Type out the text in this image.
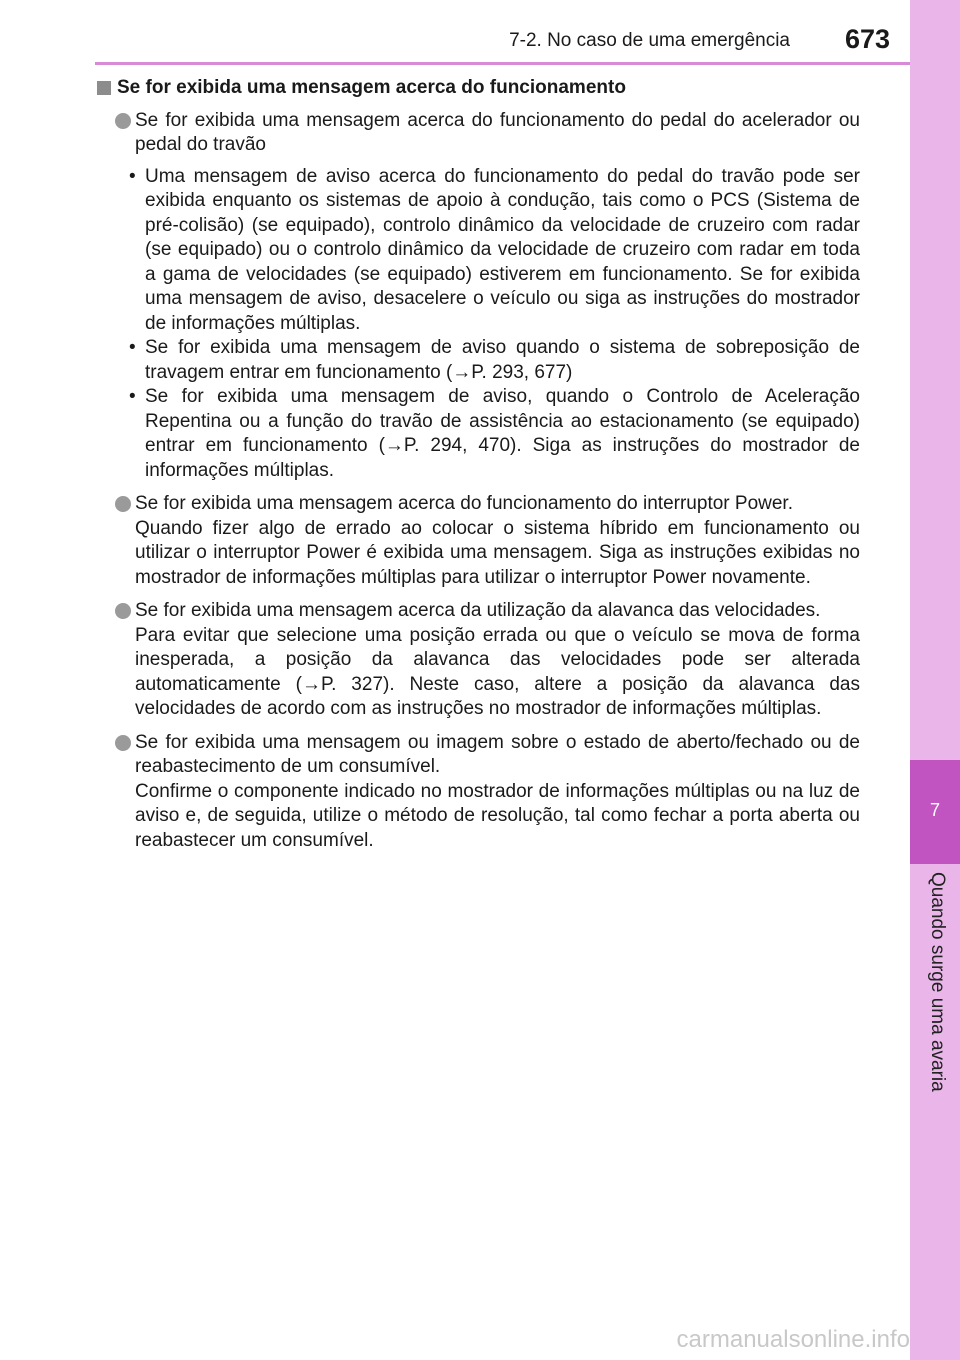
7
Quando surge uma avaria
7-2. No caso de uma emergência	673
Se for exibida uma mensagem acerca do funcionamento
Se for exibida uma mensagem acerca do funcionamento do pedal do acelerador ou pedal do travão
• Uma mensagem de aviso acerca do funcionamento do pedal do travão pode ser exibida enquanto os sistemas de apoio à condução, tais como o PCS (Sistema de pré-colisão) (se equipado), controlo dinâmico da velocidade de cruzeiro com radar (se equipado) ou o controlo dinâmico da velocidade de cruzeiro com radar em toda a gama de velocidades (se equipado) estiverem em funcionamento. Se for exibida uma mensagem de aviso, desacelere o veículo ou siga as instruções do mostrador de informações múltiplas.
• Se for exibida uma mensagem de aviso quando o sistema de sobreposição de travagem entrar em funcionamento (→P. 293, 677)
• Se for exibida uma mensagem de aviso, quando o Controlo de Aceleração Repentina ou a função do travão de assistência ao estacionamento (se equipado) entrar em funcionamento (→P. 294, 470). Siga as instruções do mostrador de informações múltiplas.
Se for exibida uma mensagem acerca do funcionamento do interruptor Power.
Quando fizer algo de errado ao colocar o sistema híbrido em funcionamento ou utilizar o interruptor Power é exibida uma mensagem. Siga as instruções exibidas no mostrador de informações múltiplas para utilizar o interruptor Power novamente.
Se for exibida uma mensagem acerca da utilização da alavanca das velocidades.
Para evitar que selecione uma posição errada ou que o veículo se mova de forma inesperada, a posição da alavanca das velocidades pode ser alterada automaticamente (→P. 327). Neste caso, altere a posição da alavanca das velocidades de acordo com as instruções no mostrador de informações múltiplas.
Se for exibida uma mensagem ou imagem sobre o estado de aberto/fechado ou de reabastecimento de um consumível.
Confirme o componente indicado no mostrador de informações múltiplas ou na luz de aviso e, de seguida, utilize o método de resolução, tal como fechar a porta aberta ou reabastecer um consumível.
carmanualsonline.info
